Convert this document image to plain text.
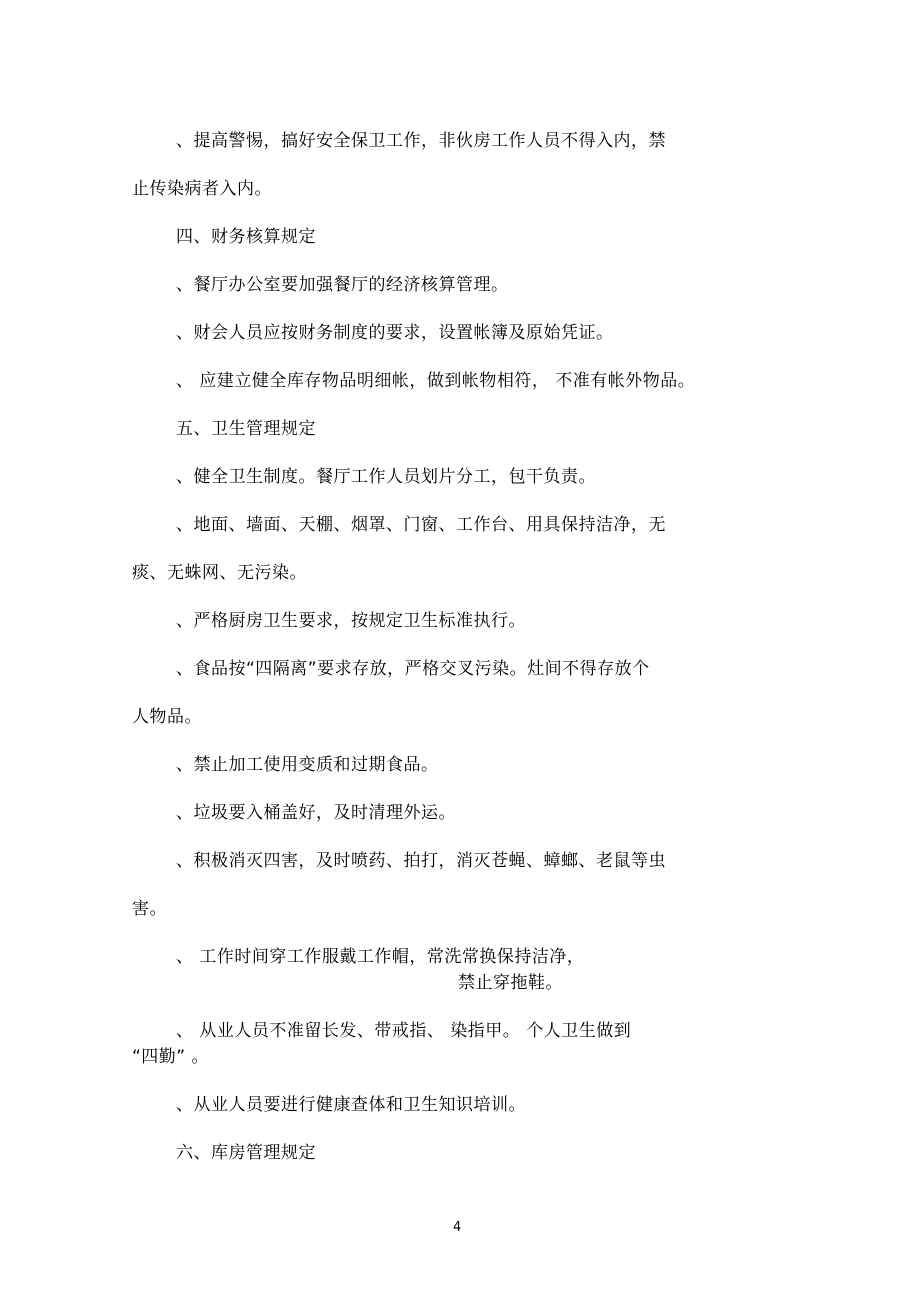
、提高警惕，搞好安全保卫工作，非伙房工作人员不得入内，禁
止传染病者入内。
四、财务核算规定
、餐厅办公室要加强餐厅的经济核算管理。
、财会人员应按财务制度的要求，设置帐簿及原始凭证。
、 应建立健全库存物品明细帐，做到帐物相符， 不准有帐外物品。
五、卫生管理规定
、健全卫生制度。餐厅工作人员划片分工，包干负责。
、地面、墙面、天棚、烟罩、门窗、工作台、用具保持洁净，无
痰、无蛛网、无污染。
、严格厨房卫生要求，按规定卫生标准执行。
、食品按“四隔离”要求存放，严格交叉污染。灶间不得存放个
人物品。
、禁止加工使用变质和过期食品。
、垃圾要入桶盖好，及时清理外运。
、积极消灭四害，及时喷药、拍打，消灭苍蝇、蟑螂、老鼠等虫
害。
、 工作时间穿工作服戴工作帽，常洗常换保持洁净，
禁止穿拖鞋。
、 从业人员不准留长发、带戒指、 染指甲。 个人卫生做到
“四勤” 。
、从业人员要进行健康查体和卫生知识培训。
六、库房管理规定
4
